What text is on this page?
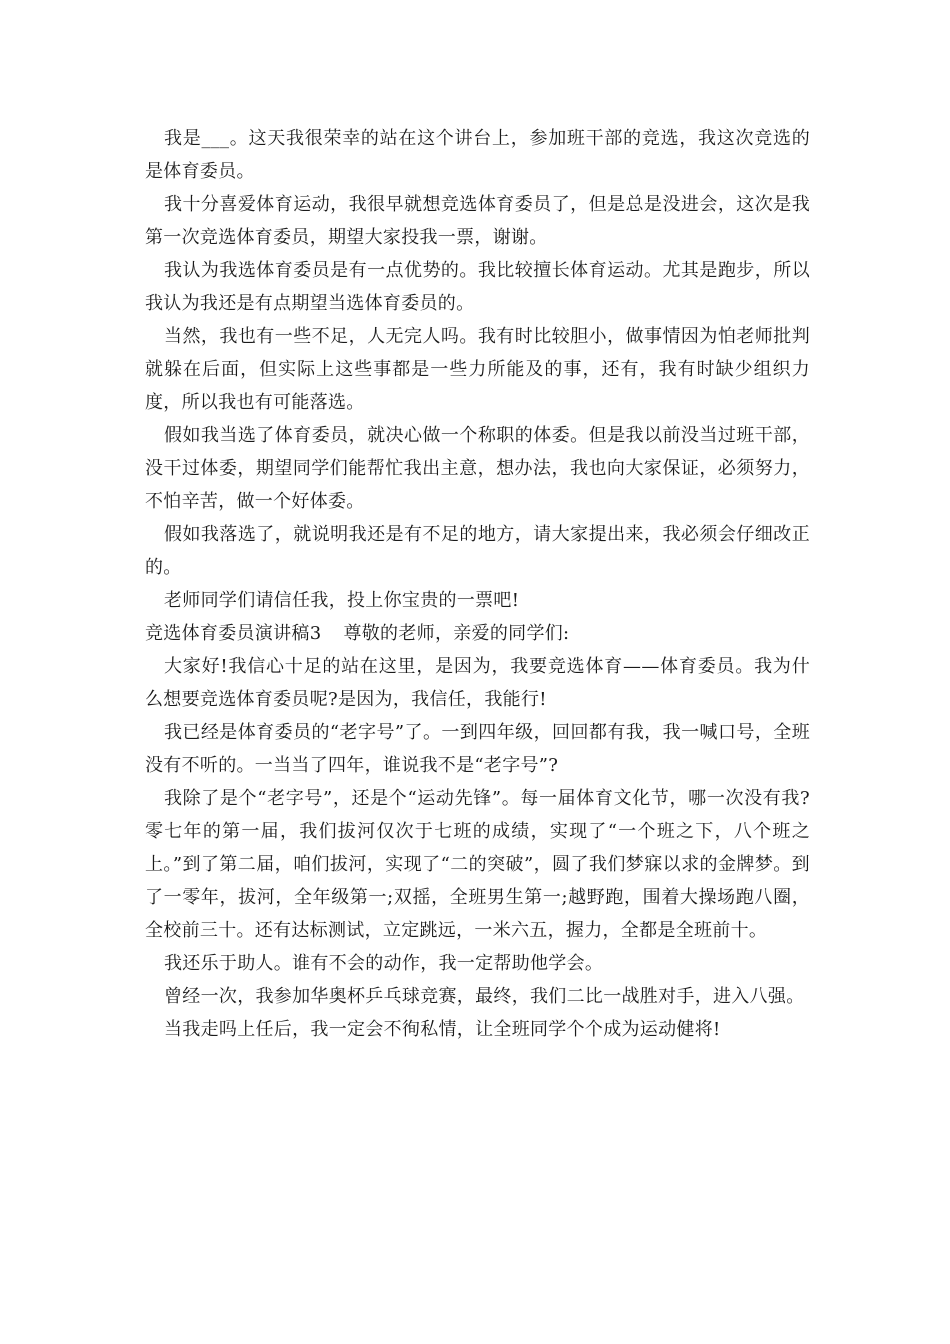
我是___。这天我很荣幸的站在这个讲台上，参加班干部的竞选，我这次竞选的是体育委员。

我十分喜爱体育运动，我很早就想竞选体育委员了，但是总是没进会，这次是我第一次竞选体育委员，期望大家投我一票，谢谢。

我认为我选体育委员是有一点优势的。我比较擅长体育运动。尤其是跑步，所以我认为我还是有点期望当选体育委员的。

当然，我也有一些不足，人无完人吗。我有时比较胆小，做事情因为怕老师批判就躲在后面，但实际上这些事都是一些力所能及的事，还有，我有时缺少组织力度，所以我也有可能落选。

假如我当选了体育委员，就决心做一个称职的体委。但是我以前没当过班干部，没干过体委，期望同学们能帮忙我出主意，想办法，我也向大家保证，必须努力，不怕辛苦，做一个好体委。

假如我落选了，就说明我还是有不足的地方，请大家提出来，我必须会仔细改正的。

老师同学们请信任我，投上你宝贵的一票吧!

竞选体育委员演讲稿3 尊敬的老师，亲爱的同学们:

大家好!我信心十足的站在这里，是因为，我要竞选体育——体育委员。我为什么想要竞选体育委员呢?是因为，我信任，我能行!

我已经是体育委员的“老字号”了。一到四年级，回回都有我，我一喊口号，全班没有不听的。一当当了四年，谁说我不是“老字号”?

我除了是个“老字号”，还是个“运动先锋”。每一届体育文化节，哪一次没有我?零七年的第一届，我们拔河仅次于七班的成绩，实现了“一个班之下，八个班之上。”到了第二届，咱们拔河，实现了“二的突破”，圆了我们梦寐以求的金牌梦。到了一零年，拔河，全年级第一;双摇，全班男生第一;越野跑，围着大操场跑八圈，全校前三十。还有达标测试，立定跳远，一米六五，握力，全都是全班前十。

我还乐于助人。谁有不会的动作，我一定帮助他学会。

曾经一次，我参加华奥杯乒乓球竞赛，最终，我们二比一战胜对手，进入八强。

当我走吗上任后，我一定会不徇私情，让全班同学个个成为运动健将!
